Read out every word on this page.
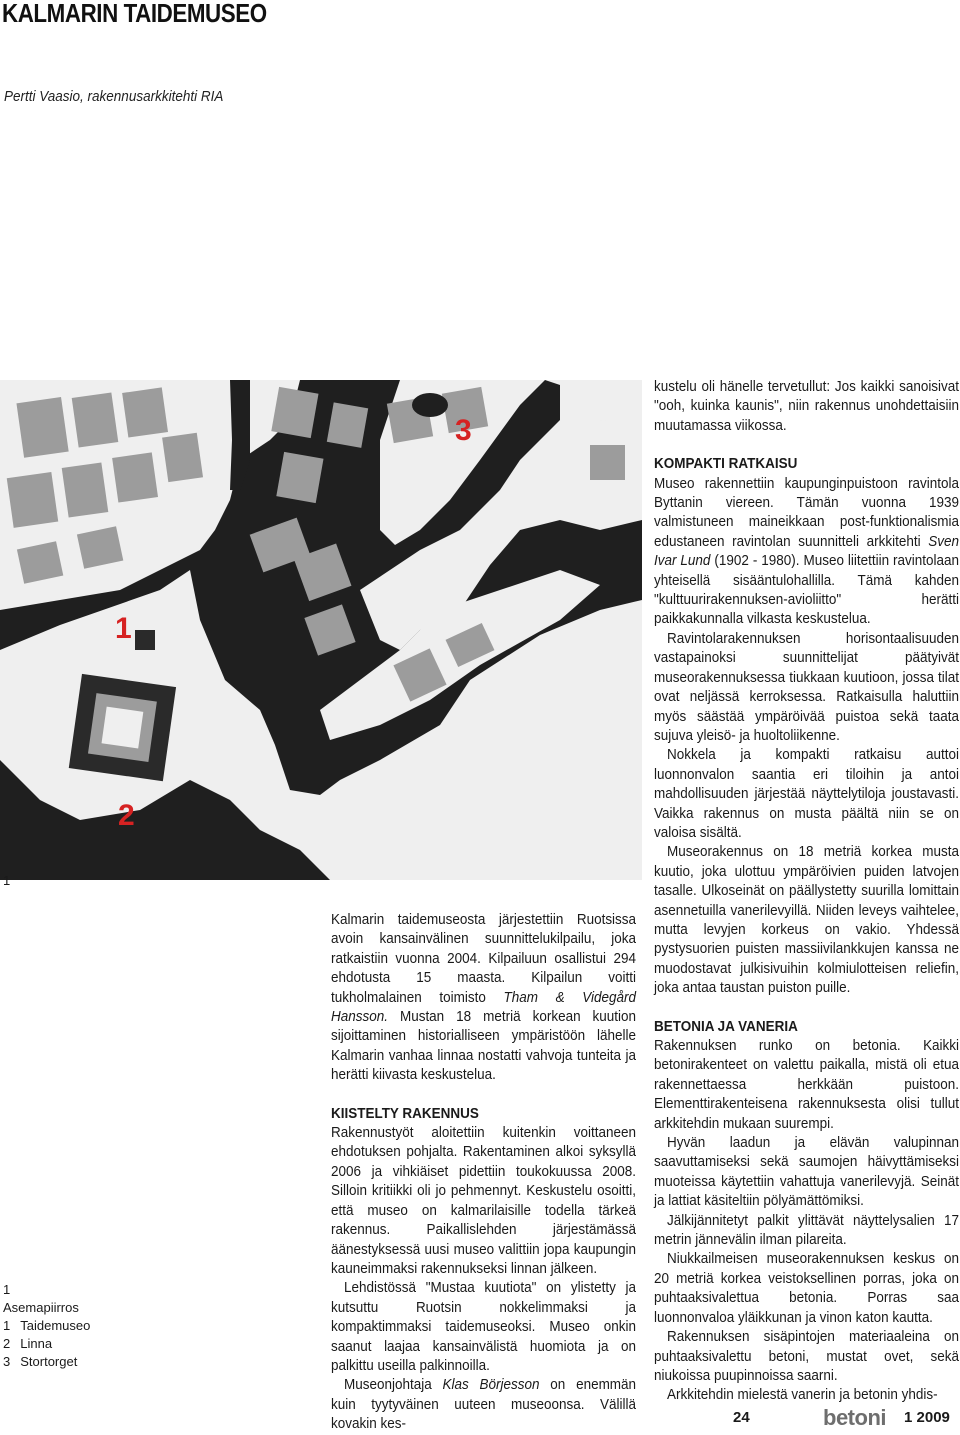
KALMARIN TAIDEMUSEO
Pertti Vaasio, rakennusarkkitehti RIA
1
2
3
1
1
Asemapiirros
1 Taidemuseo
2 Linna
3 Stortorget

Kalmarin taidemuseosta järjestettiin Ruotsissa avoin kansainvälinen suunnittelukilpailu, joka ratkaistiin vuonna 2004. Kilpailuun osallistui 294 ehdotusta 15 maasta. Kilpailun voitti tukholmalainen toimisto Tham & Videgård Hansson. Mustan 18 metriä korkean kuution sijoittaminen historialliseen ympäristöön lähelle Kalmarin vanhaa linnaa nostatti vahvoja tunteita ja herätti kiivasta keskustelua.

KIISTELTY RAKENNUS

Rakennustyöt aloitettiin kuitenkin voittaneen ehdotuksen pohjalta. Rakentaminen alkoi syksyllä 2006 ja vihkiäiset pidettiin toukokuussa 2008. Silloin kritiikki oli jo pehmennyt. Keskustelu osoitti, että museo on kalmarilaisille todella tärkeä rakennus. Paikallislehden järjestämässä äänestyksessä uusi museo valittiin jopa kaupungin kauneimmaksi rakennukseksi linnan jälkeen.

Lehdistössä "Mustaa kuutiota" on ylistetty ja kutsuttu Ruotsin nokkelimmaksi ja kompaktimmaksi taidemuseoksi. Museo onkin saanut laajaa kansainvälistä huomiota ja on palkittu useilla palkinnoilla.

Museonjohtaja Klas Börjesson on enemmän kuin tyytyväinen uuteen museoonsa. Välillä kovakin kes-

kustelu oli hänelle tervetullut: Jos kaikki sanoisivat "ooh, kuinka kaunis", niin rakennus unohdettaisiin muutamassa viikossa.

KOMPAKTI RATKAISU

Museo rakennettiin kaupunginpuistoon ravintola Byttanin viereen. Tämän vuonna 1939 valmistuneen maineikkaan post-funktionalismia edustaneen ravintolan suunnitteli arkkitehti Sven Ivar Lund (1902 - 1980). Museo liitettiin ravintolaan yhteisellä sisääntulohallilla. Tämä kahden "kulttuurirakennuksen-avioliitto" herätti paikkakunnalla vilkasta keskustelua.

Ravintolarakennuksen horisontaalisuuden vastapainoksi suunnittelijat päätyivät museorakennuksessa tiukkaan kuutioon, jossa tilat ovat neljässä kerroksessa. Ratkaisulla haluttiin myös säästää ympäröivää puistoa sekä taata sujuva yleisö- ja huoltoliikenne.

Nokkela ja kompakti ratkaisu auttoi luonnonvalon saantia eri tiloihin ja antoi mahdollisuuden järjestää näyttelytiloja joustavasti. Vaikka rakennus on musta päältä niin se on valoisa sisältä.

Museorakennus on 18 metriä korkea musta kuutio, joka ulottuu ympäröivien puiden latvojen tasalle. Ulkoseinät on päällystetty suurilla lomittain asennetuilla vanerilevyillä. Niiden leveys vaihtelee, mutta levyjen korkeus on vakio. Yhdessä pystysuorien puisten massiivilankkujen kanssa ne muodostavat julkisivuihin kolmiulotteisen reliefin, joka antaa taustan puiston puille.

BETONIA JA VANERIA

Rakennuksen runko on betonia. Kaikki betonirakenteet on valettu paikalla, mistä oli etua rakennettaessa herkkään puistoon. Elementtirakenteisena rakennuksesta olisi tullut arkkitehdin mukaan suurempi.

Hyvän laadun ja elävän valupinnan saavuttamiseksi sekä saumojen häivyttämiseksi muoteissa käytettiin vahattuja vanerilevyjä. Seinät ja lattiat käsiteltiin pölyämättömiksi.

Jälkijännitetyt palkit ylittävät näyttelysalien 17 metrin jännevälin ilman pilareita.

Niukkailmeisen museorakennuksen keskus on 20 metriä korkea veistoksellinen porras, joka on puhtaaksivalettua betonia. Porras saa luonnonvaloa yläikkunan ja vinon katon kautta.

Rakennuksen sisäpintojen materiaaleina on puhtaaksivalettu betoni, mustat ovet, sekä niukoissa puupinnoissa saarni.

Arkkitehdin mielestä vanerin ja betonin yhdis-

24	betoni 1 2009
